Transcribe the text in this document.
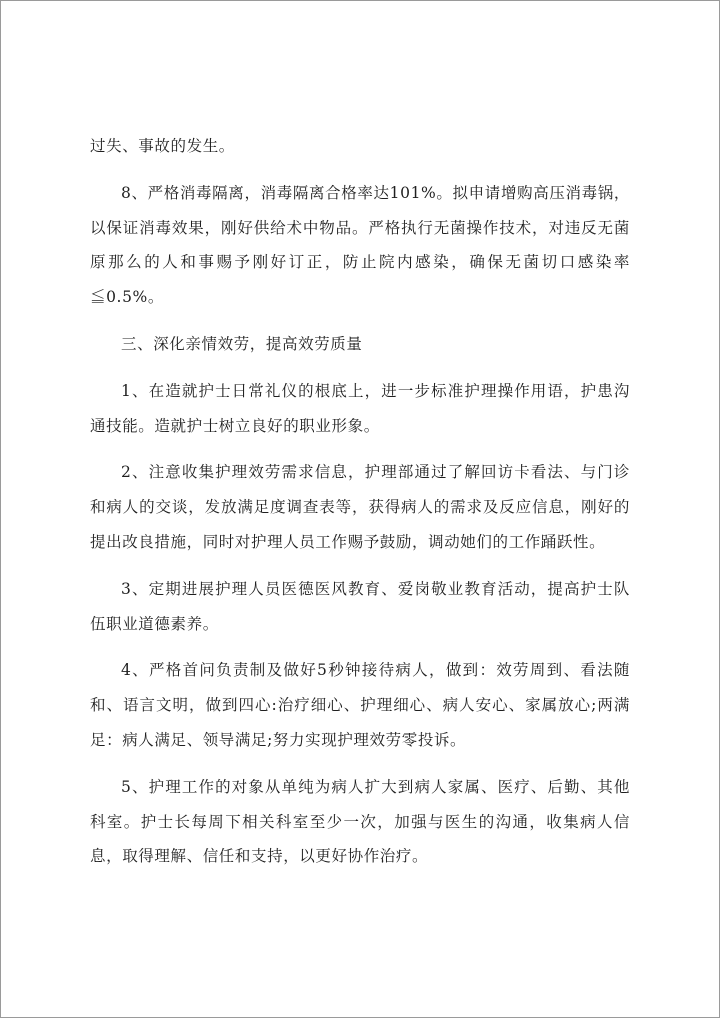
过失、事故的发生。

8、严格消毒隔离，消毒隔离合格率达101%。拟申请增购高压消毒锅，以保证消毒效果，刚好供给术中物品。严格执行无菌操作技术，对违反无菌原那么的人和事赐予刚好订正，防止院内感染，确保无菌切口感染率≦0.5%。

三、深化亲情效劳，提高效劳质量

1、在造就护士日常礼仪的根底上，进一步标准护理操作用语，护患沟通技能。造就护士树立良好的职业形象。

2、注意收集护理效劳需求信息，护理部通过了解回访卡看法、与门诊和病人的交谈，发放满足度调查表等，获得病人的需求及反应信息，刚好的提出改良措施，同时对护理人员工作赐予鼓励，调动她们的工作踊跃性。

3、定期进展护理人员医德医风教育、爱岗敬业教育活动，提高护士队伍职业道德素养。

4、严格首问负责制及做好5秒钟接待病人，做到：效劳周到、看法随和、语言文明，做到四心:治疗细心、护理细心、病人安心、家属放心;两满足：病人满足、领导满足;努力实现护理效劳零投诉。

5、护理工作的对象从单纯为病人扩大到病人家属、医疗、后勤、其他科室。护士长每周下相关科室至少一次，加强与医生的沟通，收集病人信息，取得理解、信任和支持，以更好协作治疗。
